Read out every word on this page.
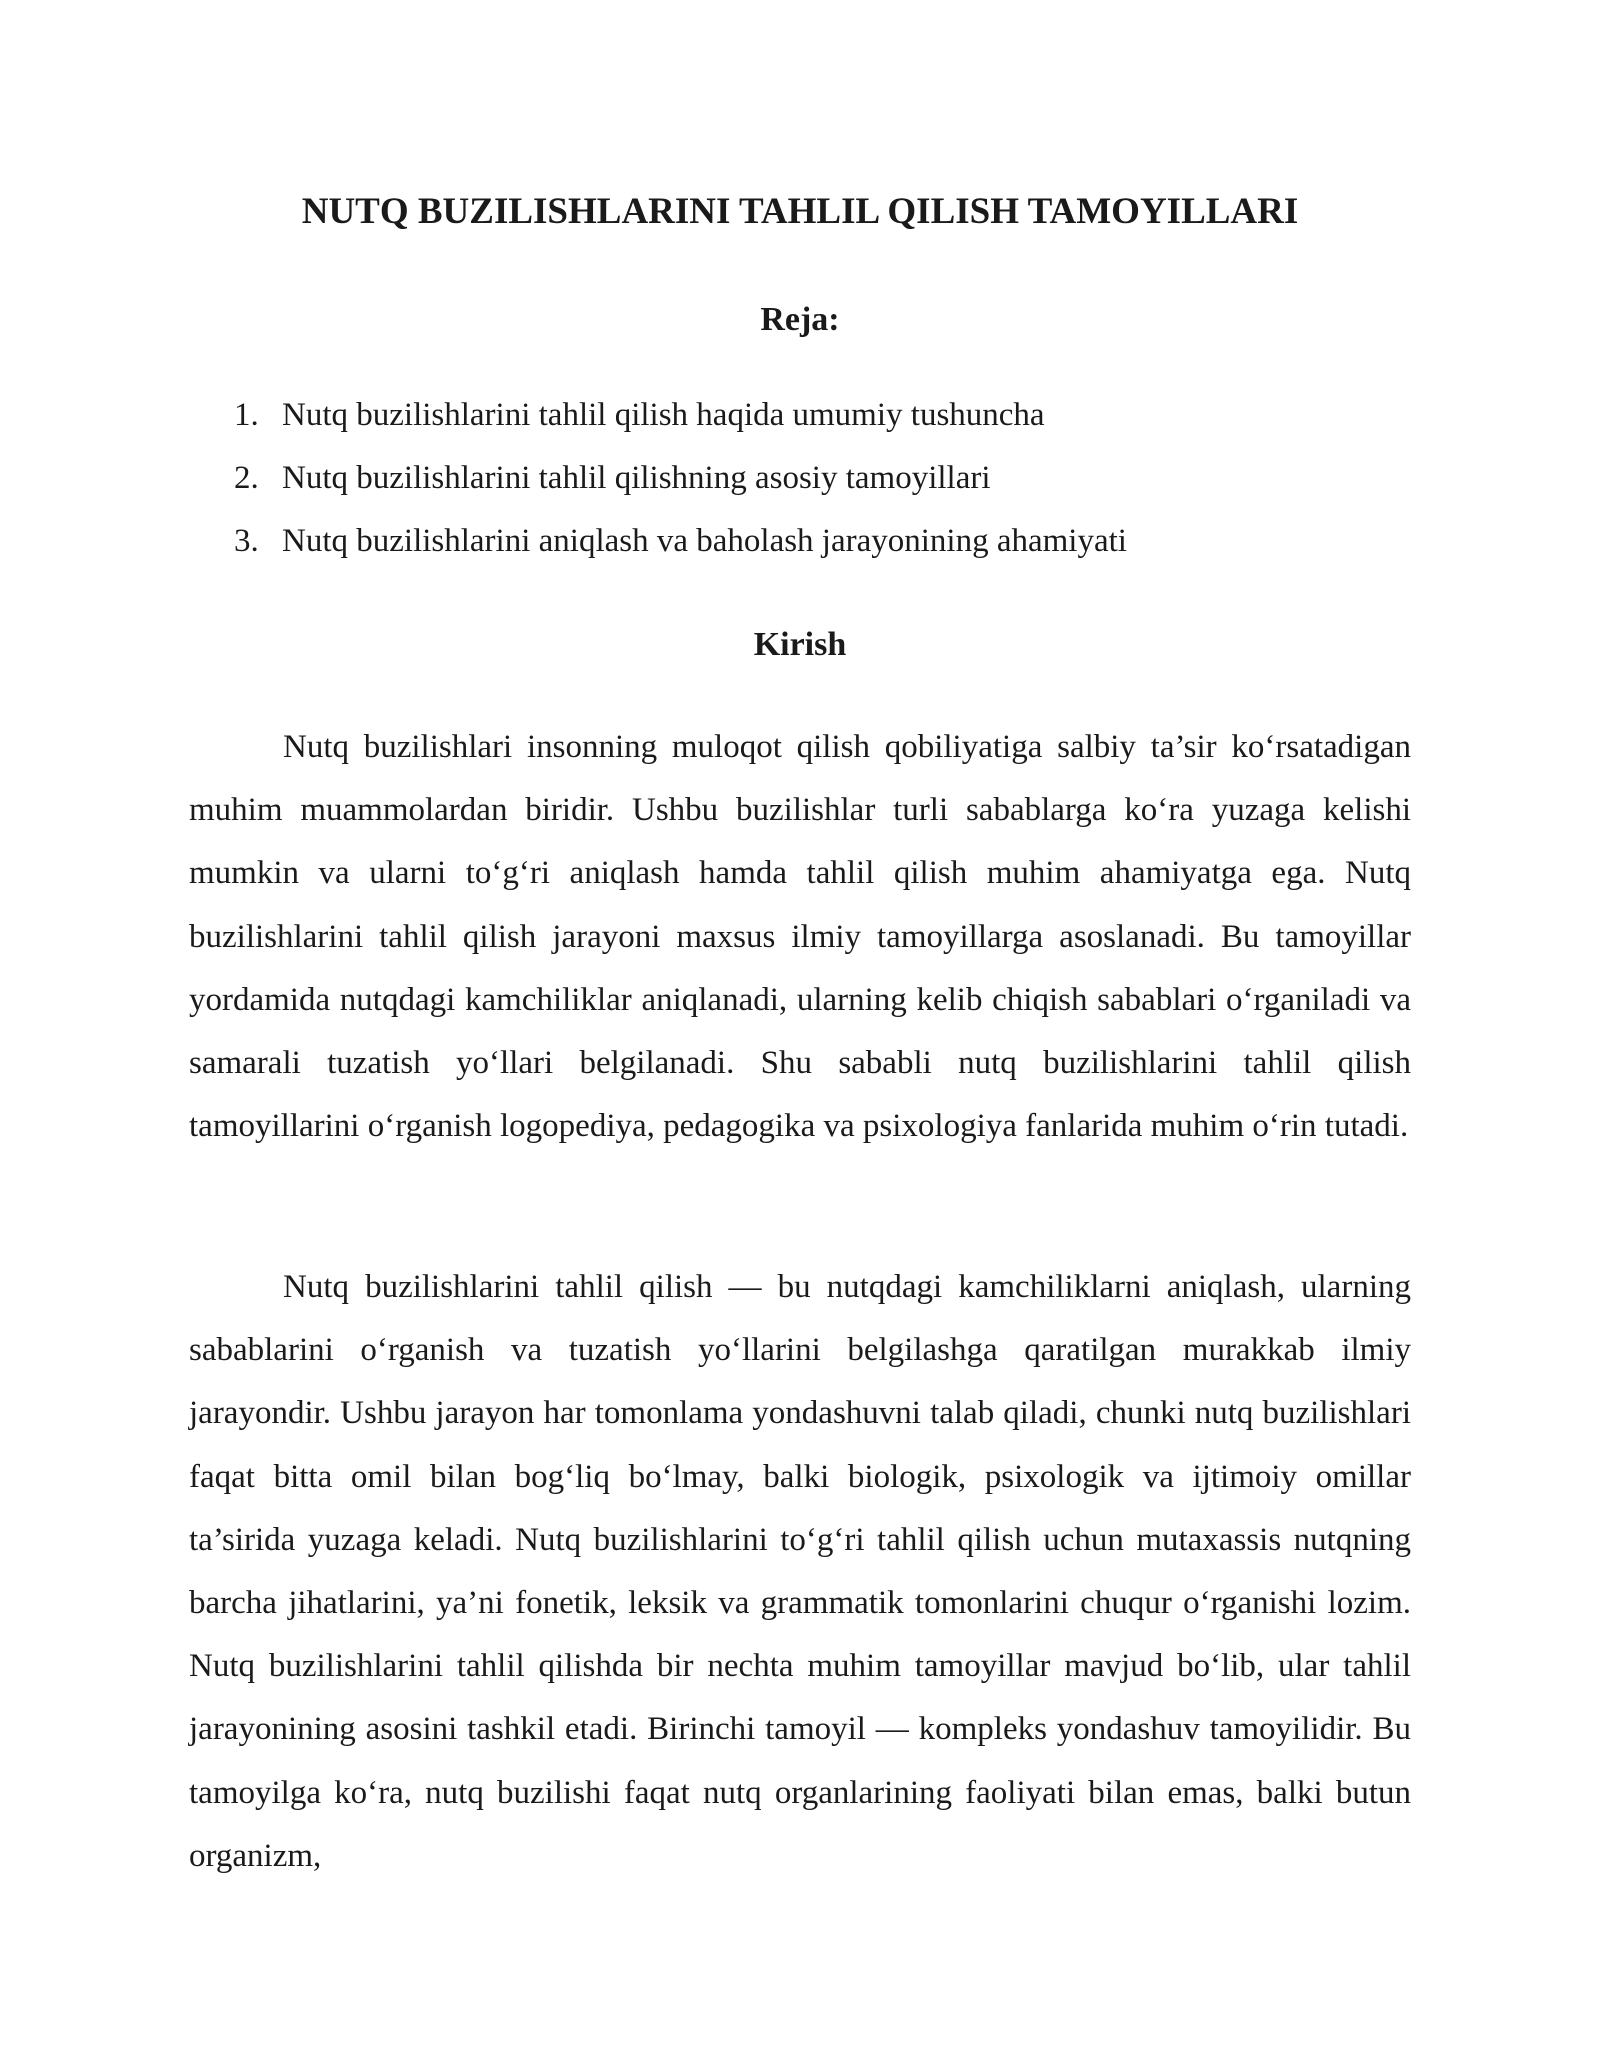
NUTQ BUZILISHLARINI TAHLIL QILISH TAMOYILLARI
Reja:
1. Nutq buzilishlarini tahlil qilish haqida umumiy tushuncha
2. Nutq buzilishlarini tahlil qilishning asosiy tamoyillari
3. Nutq buzilishlarini aniqlash va baholash jarayonining ahamiyati
Kirish

Nutq buzilishlari insonning muloqot qilish qobiliyatiga salbiy ta’sir ko‘rsatadigan muhim muammolardan biridir. Ushbu buzilishlar turli sabablarga ko‘ra yuzaga kelishi mumkin va ularni to‘g‘ri aniqlash hamda tahlil qilish muhim ahamiyatga ega. Nutq buzilishlarini tahlil qilish jarayoni maxsus ilmiy tamoyillarga asoslanadi. Bu tamoyillar yordamida nutqdagi kamchiliklar aniqlanadi, ularning kelib chiqish sabablari o‘rganiladi va samarali tuzatish yo‘llari belgilanadi. Shu sababli nutq buzilishlarini tahlil qilish tamoyillarini o‘rganish logopediya, pedagogika va psixologiya fanlarida muhim o‘rin tutadi.

Nutq buzilishlarini tahlil qilish — bu nutqdagi kamchiliklarni aniqlash, ularning sabablarini o‘rganish va tuzatish yo‘llarini belgilashga qaratilgan murakkab ilmiy jarayondir. Ushbu jarayon har tomonlama yondashuvni talab qiladi, chunki nutq buzilishlari faqat bitta omil bilan bog‘liq bo‘lmay, balki biologik, psixologik va ijtimoiy omillar ta’sirida yuzaga keladi. Nutq buzilishlarini to‘g‘ri tahlil qilish uchun mutaxassis nutqning barcha jihatlarini, ya’ni fonetik, leksik va grammatik tomonlarini chuqur o‘rganishi lozim. Nutq buzilishlarini tahlil qilishda bir nechta muhim tamoyillar mavjud bo‘lib, ular tahlil jarayonining asosini tashkil etadi. Birinchi tamoyil — kompleks yondashuv tamoyilidir. Bu tamoyilga ko‘ra, nutq buzilishi faqat nutq organlarining faoliyati bilan emas, balki butun organizm,
